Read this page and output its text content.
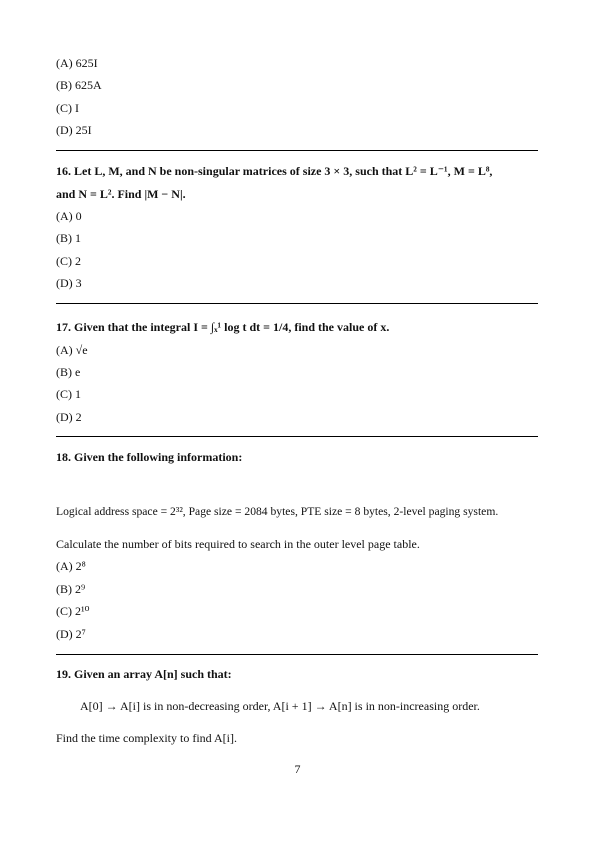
(A) 625I
(B) 625A
(C) I
(D) 25I
16. Let L, M, and N be non-singular matrices of size 3 × 3, such that L² = L⁻¹, M = L⁸,
and N = L². Find |M − N|.
(A) 0
(B) 1
(C) 2
(D) 3
17. Given that the integral I = ∫ₓ¹ log t dt = 1/4, find the value of x.
(A) √e
(B) e
(C) 1
(D) 2
18. Given the following information:
Logical address space = 2³², Page size = 2084 bytes, PTE size = 8 bytes, 2-level paging system.
Calculate the number of bits required to search in the outer level page table.
(A) 2⁸
(B) 2⁹
(C) 2¹⁰
(D) 2⁷
19. Given an array A[n] such that:
A[0] → A[i] is in non-decreasing order, A[i + 1] → A[n] is in non-increasing order.
Find the time complexity to find A[i].
7
